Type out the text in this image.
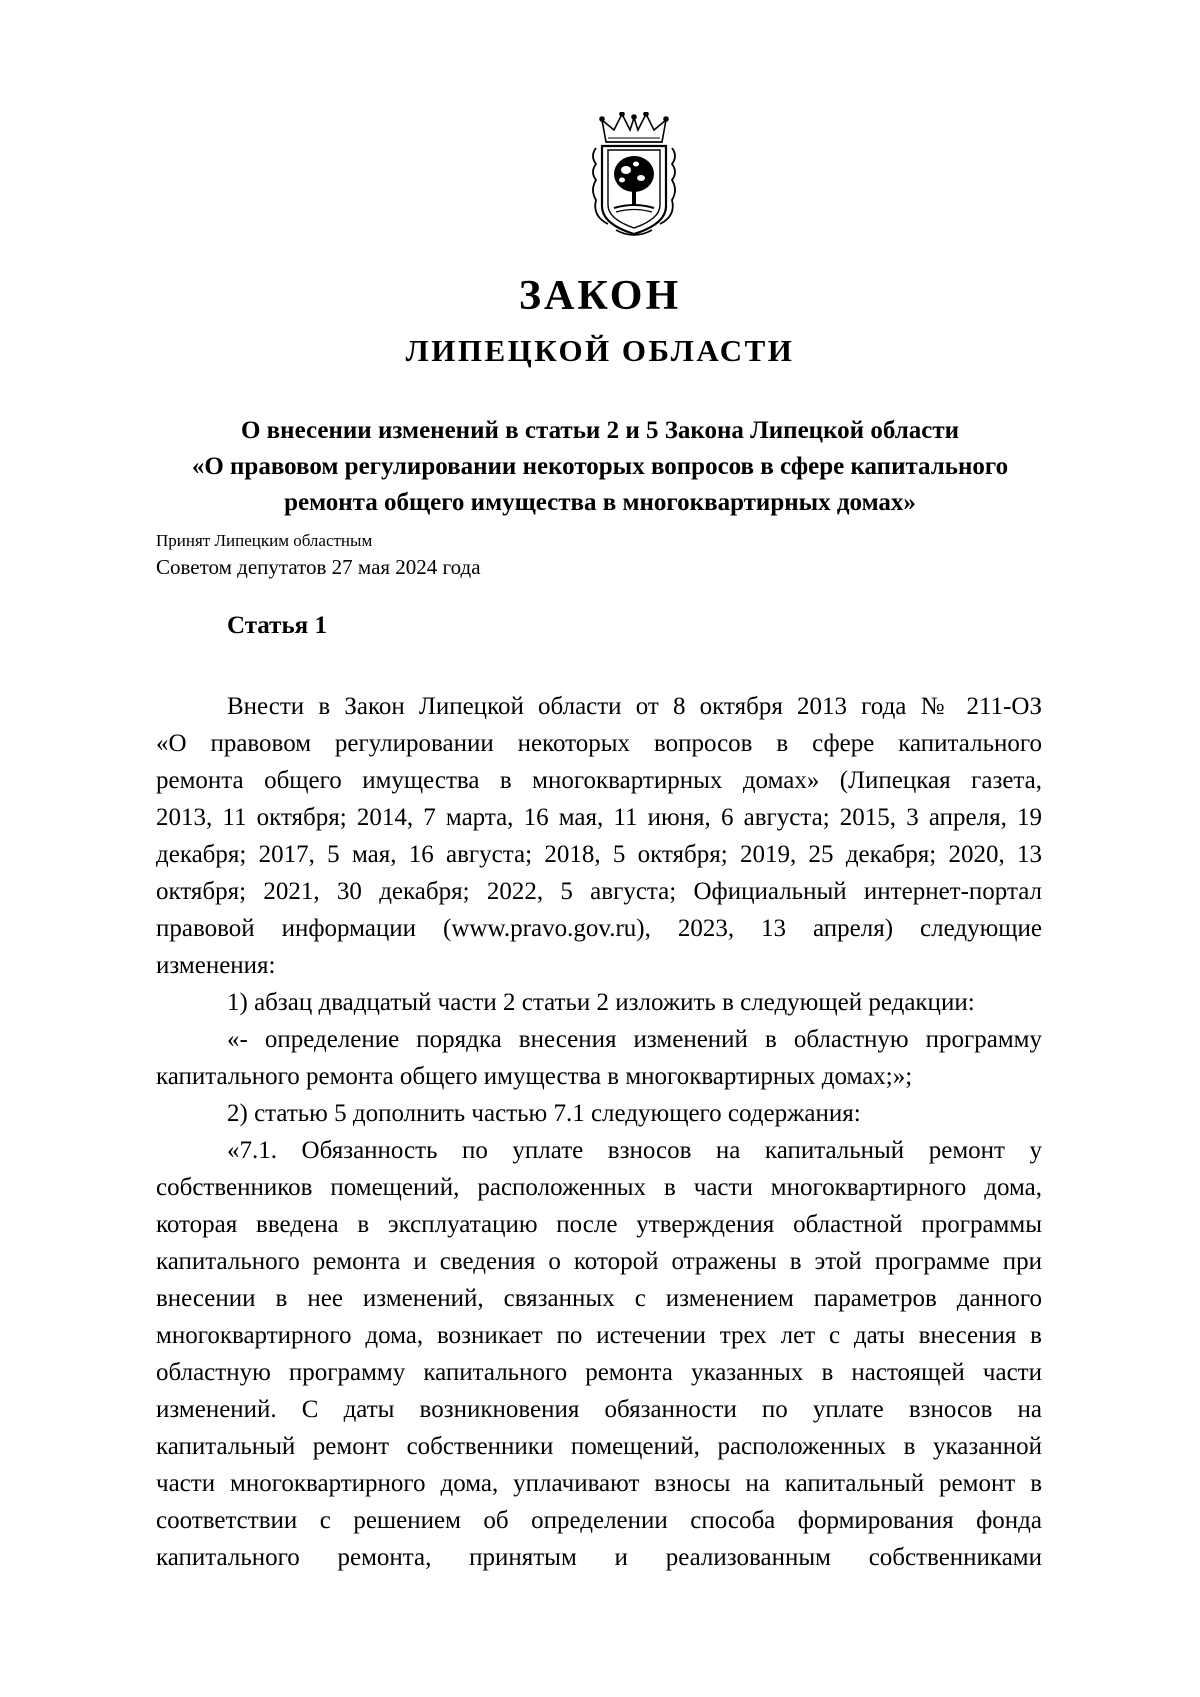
ЗАКОН
ЛИПЕЦКОЙ ОБЛАСТИ
О внесении изменений в статьи 2 и 5 Закона Липецкой области
«О правовом регулировании некоторых вопросов в сфере капитального
ремонта общего имущества в многоквартирных домах»

Принят Липецким областным
Советом депутатов 27 мая 2024 года

Статья 1
Внести в Закон Липецкой области от 8 октября 2013 года № 211-ОЗ
«О правовом регулировании некоторых вопросов в сфере капитального
ремонта общего имущества в многоквартирных домах» (Липецкая газета,
2013, 11 октября; 2014, 7 марта, 16 мая, 11 июня, 6 августа; 2015, 3 апреля, 19
декабря; 2017, 5 мая, 16 августа; 2018, 5 октября; 2019, 25 декабря; 2020, 13
октября; 2021, 30 декабря; 2022, 5 августа; Официальный интернет-портал
правовой информации (www.pravo.gov.ru), 2023, 13 апреля) следующие
изменения:
1) абзац двадцатый части 2 статьи 2 изложить в следующей редакции:
«- определение порядка внесения изменений в областную программу
капитального ремонта общего имущества в многоквартирных домах;»;
2) статью 5 дополнить частью 7.1 следующего содержания:
«7.1. Обязанность по уплате взносов на капитальный ремонт у
собственников помещений, расположенных в части многоквартирного дома,
которая введена в эксплуатацию после утверждения областной программы
капитального ремонта и сведения о которой отражены в этой программе при
внесении в нее изменений, связанных с изменением параметров данного
многоквартирного дома, возникает по истечении трех лет с даты внесения в
областную программу капитального ремонта указанных в настоящей части
изменений. С даты возникновения обязанности по уплате взносов на
капитальный ремонт собственники помещений, расположенных в указанной
части многоквартирного дома, уплачивают взносы на капитальный ремонт в
соответствии с решением об определении способа формирования фонда
капитального ремонта, принятым и реализованным собственниками
